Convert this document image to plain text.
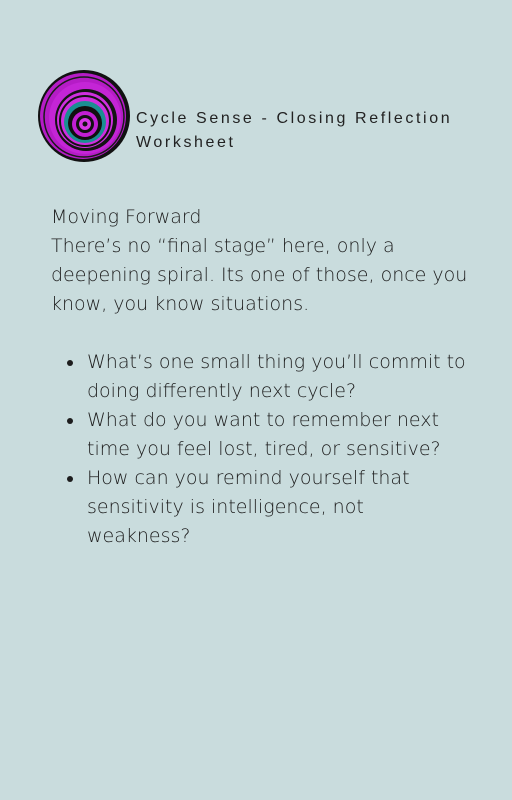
Cycle Sense - Closing Reflection Worksheet
Moving Forward
There’s no “final stage” here, only a deepening spiral. Its one of those, once you know, you know situations.
What’s one small thing you’ll commit to doing differently next cycle?
What do you want to remember next time you feel lost, tired, or sensitive?
How can you remind yourself that sensitivity is intelligence, not weakness?
